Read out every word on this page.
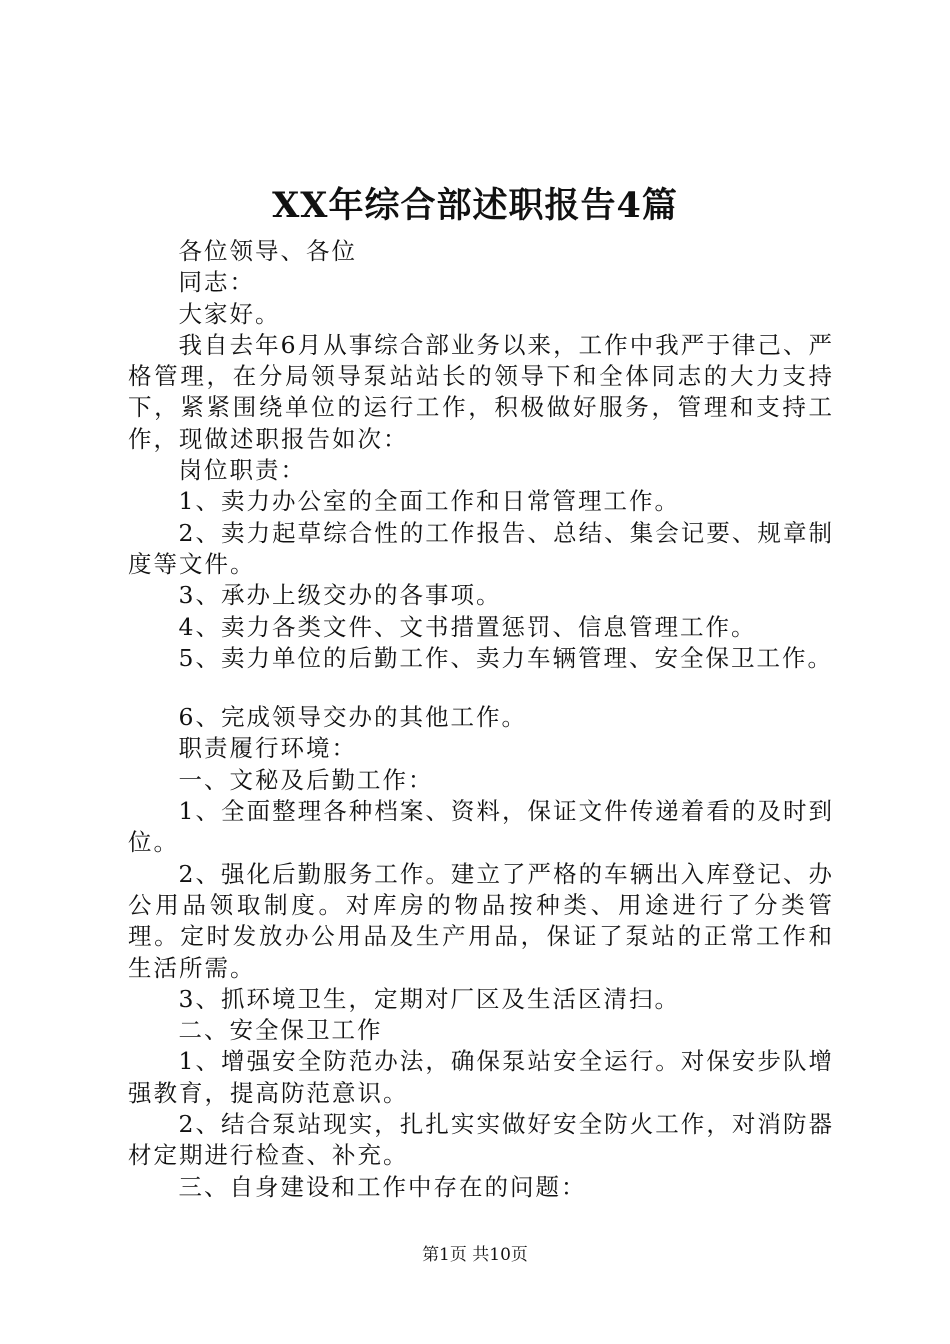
XX年综合部述职报告4篇

各位领导、各位

同志：

大家好。

我自去年6月从事综合部业务以来，工作中我严于律己、严格管理，在分局领导泵站站长的领导下和全体同志的大力支持下，紧紧围绕单位的运行工作，积极做好服务，管理和支持工作，现做述职报告如次：

岗位职责：

1、卖力办公室的全面工作和日常管理工作。

2、卖力起草综合性的工作报告、总结、集会记要、规章制度等文件。

3、承办上级交办的各事项。

4、卖力各类文件、文书措置惩罚、信息管理工作。

5、卖力单位的后勤工作、卖力车辆管理、安全保卫工作。

6、完成领导交办的其他工作。

职责履行环境：

一、文秘及后勤工作：

1、全面整理各种档案、资料，保证文件传递着看的及时到位。

2、强化后勤服务工作。建立了严格的车辆出入库登记、办公用品领取制度。对库房的物品按种类、用途进行了分类管理。定时发放办公用品及生产用品，保证了泵站的正常工作和生活所需。

3、抓环境卫生，定期对厂区及生活区清扫。

二、安全保卫工作

1、增强安全防范办法，确保泵站安全运行。对保安步队增强教育，提高防范意识。

2、结合泵站现实，扎扎实实做好安全防火工作，对消防器材定期进行检查、补充。

三、自身建设和工作中存在的问题：

第1页 共10页
